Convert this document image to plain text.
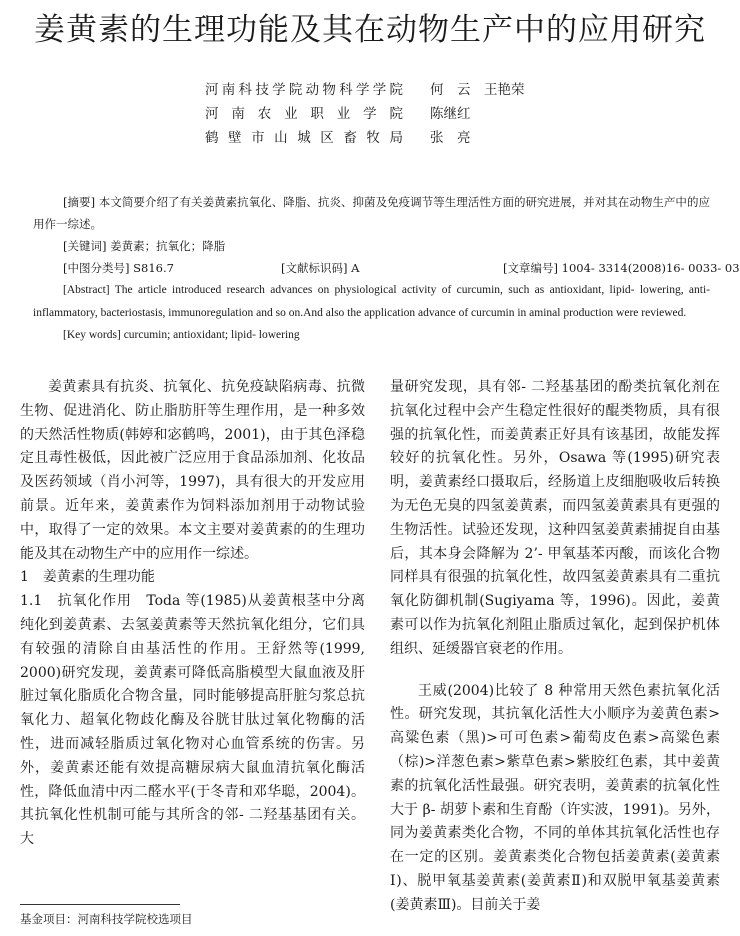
姜黄素的生理功能及其在动物生产中的应用研究
河南科技学院动物科学学院 何　云　王艳荣
河南农业职业学院 陈继红
鹤壁市山城区畜牧局 张　亮

[摘要] 本文简要介绍了有关姜黄素抗氧化、降脂、抗炎、抑菌及免疫调节等生理活性方面的研究进展，并对其在动物生产中的应用作一综述。

[关键词] 姜黄素；抗氧化；降脂

[中图分类号] S816.7	[文献标识码] A	[文章编号] 1004- 3314(2008)16- 0033- 03

[Abstract] The article introduced research advances on physiological activity of curcumin, such as antioxidant, lipid- lowering, anti- inflammatory, bacteriostasis, immunoregulation and so on.And also the application advance of curcumin in aminal production were reviewed.

[Key words] curcumin; antioxidant; lipid- lowering

姜黄素具有抗炎、抗氧化、抗免疫缺陷病毒、抗微生物、促进消化、防止脂肪肝等生理作用，是一种多效的天然活性物质(韩婷和宓鹤鸣，2001)，由于其色泽稳定且毒性极低，因此被广泛应用于食品添加剂、化妆品及医药领域（肖小河等，1997)，具有很大的开发应用前景。近年来，姜黄素作为饲料添加剂用于动物试验中，取得了一定的效果。本文主要对姜黄素的的生理功能及其在动物生产中的应用作一综述。

1　姜黄素的生理功能

1.1　抗氧化作用　Toda 等(1985)从姜黄根茎中分离纯化到姜黄素、去氢姜黄素等天然抗氧化组分，它们具有较强的清除自由基活性的作用。王舒然等(1999, 2000)研究发现，姜黄素可降低高脂模型大鼠血液及肝脏过氧化脂质化合物含量，同时能够提高肝脏匀浆总抗氧化力、超氧化物歧化酶及谷胱甘肽过氧化物酶的活性，进而减轻脂质过氧化物对心血管系统的伤害。另外，姜黄素还能有效提高糖尿病大鼠血清抗氧化酶活性，降低血清中丙二醛水平(于冬青和邓华聪，2004)。其抗氧化性机制可能与其所含的邻- 二羟基基团有关。大

量研究发现，具有邻- 二羟基基团的酚类抗氧化剂在抗氧化过程中会产生稳定性很好的醌类物质，具有很强的抗氧化性，而姜黄素正好具有该基团，故能发挥较好的抗氧化性。另外，Osawa 等(1995)研究表明，姜黄素经口摄取后，经肠道上皮细胞吸收后转换为无色无臭的四氢姜黄素，而四氢姜黄素具有更强的生物活性。试验还发现，这种四氢姜黄素捕捉自由基后，其本身会降解为 2’- 甲氧基苯丙酸，而该化合物同样具有很强的抗氧化性，故四氢姜黄素具有二重抗氧化防御机制(Sugiyama 等，1996)。因此，姜黄素可以作为抗氧化剂阻止脂质过氧化，起到保护机体组织、延缓器官衰老的作用。

王威(2004)比较了 8 种常用天然色素抗氧化活性。研究发现，其抗氧化活性大小顺序为姜黄色素>高粱色素（黑)>可可色素>葡萄皮色素>高粱色素（棕)>洋葱色素>紫草色素>紫胶红色素，其中姜黄素的抗氧化活性最强。研究表明，姜黄素的抗氧化性大于 β- 胡萝卜素和生育酚（许实波，1991)。另外，同为姜黄素类化合物，不同的单体其抗氧化活性也存在一定的区别。姜黄素类化合物包括姜黄素(姜黄素Ⅰ)、脱甲氧基姜黄素(姜黄素Ⅱ)和双脱甲氧基姜黄素(姜黄素Ⅲ)。目前关于姜

基金项目：河南科技学院校选项目
